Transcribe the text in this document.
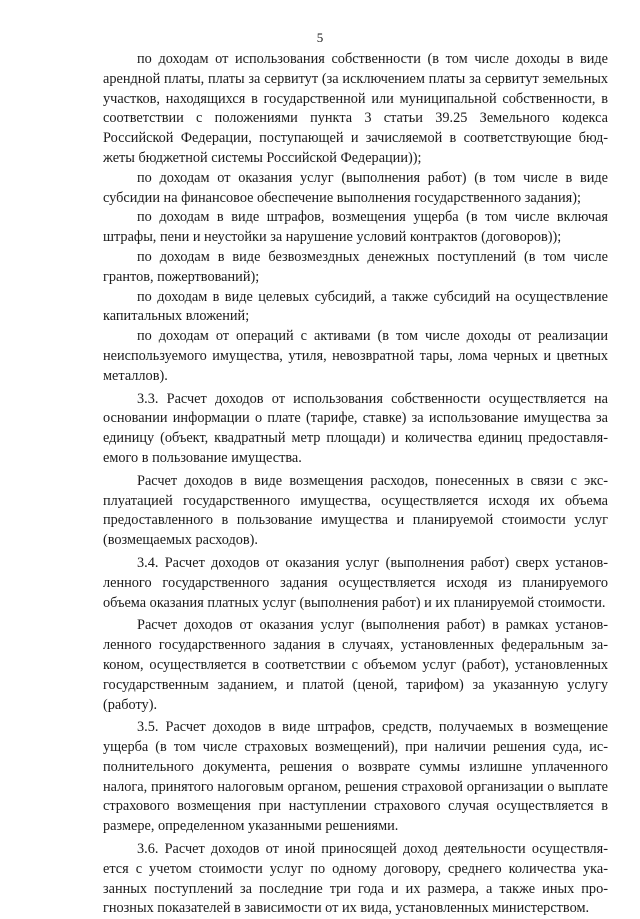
5

по доходам от использования собственности (в том числе доходы в виде арендной платы, платы за сервитут (за исключением платы за сервитут земельных участков, находящихся в государственной или муниципальной собственности, в соответствии с положениями пункта 3 статьи 39.25 Земельного кодекса Российской Федерации, поступающей и зачисляемой в соответствующие бюджеты бюджетной системы Российской Федерации));

по доходам от оказания услуг (выполнения работ) (в том числе в виде субсидии на финансовое обеспечение выполнения государственного задания);

по доходам в виде штрафов, возмещения ущерба (в том числе включая штрафы, пени и неустойки за нарушение условий контрактов (договоров));

по доходам в виде безвозмездных денежных поступлений (в том числе грантов, пожертвований);

по доходам в виде целевых субсидий, а также субсидий на осуществление капитальных вложений;

по доходам от операций с активами (в том числе доходы от реализации неиспользуемого имущества, утиля, невозвратной тары, лома черных и цветных металлов).

3.3. Расчет доходов от использования собственности осуществляется на основании информации о плате (тарифе, ставке) за использование имущества за единицу (объект, квадратный метр площади) и количества единиц предоставляемого в пользование имущества.

Расчет доходов в виде возмещения расходов, понесенных в связи с эксплуатацией государственного имущества, осуществляется исходя их объема предоставленного в пользование имущества и планируемой стоимости услуг (возмещаемых расходов).

3.4. Расчет доходов от оказания услуг (выполнения работ) сверх установленного государственного задания осуществляется исходя из планируемого объема оказания платных услуг (выполнения работ) и их планируемой стоимости.

Расчет доходов от оказания услуг (выполнения работ) в рамках установленного государственного задания в случаях, установленных федеральным законом, осуществляется в соответствии с объемом услуг (работ), установленных государственным заданием, и платой (ценой, тарифом) за указанную услугу (работу).

3.5. Расчет доходов в виде штрафов, средств, получаемых в возмещение ущерба (в том числе страховых возмещений), при наличии решения суда, исполнительного документа, решения о возврате суммы излишне уплаченного налога, принятого налоговым органом, решения страховой организации о выплате страхового возмещения при наступлении страхового случая осуществляется в размере, определенном указанными решениями.

3.6. Расчет доходов от иной приносящей доход деятельности осуществляется с учетом стоимости услуг по одному договору, среднего количества указанных поступлений за последние три года и их размера, а также иных прогнозных показателей в зависимости от их вида, установленных министерством.
